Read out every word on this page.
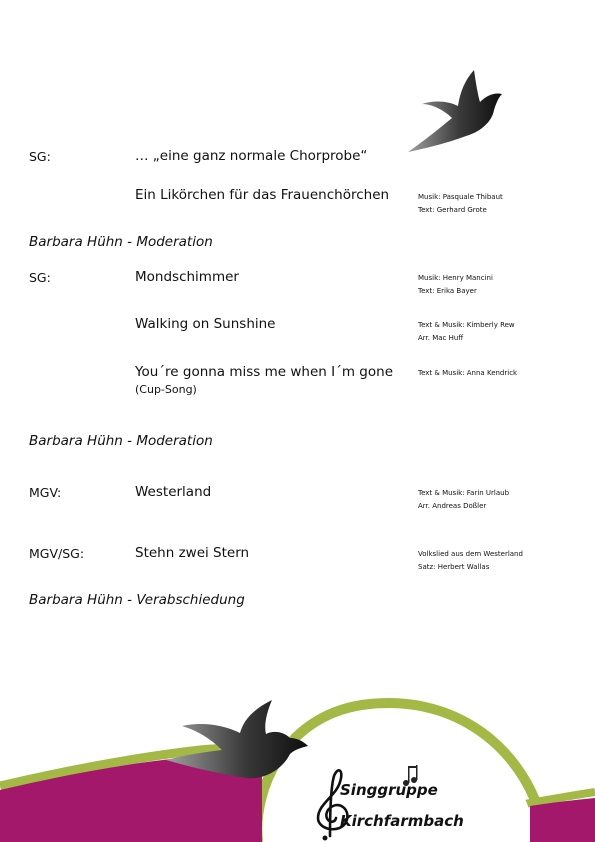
Singgruppe
Kirchfarmbach
SG:	… „eine ganz normale Chorprobe“
Ein Likörchen für das Frauenchörchen	Musik: Pasquale Thibaut
Text: Gerhard Grote
Barbara Hühn - Moderation
SG:	Mondschimmer	Musik: Henry Mancini
Text: Erika Bayer
Walking on Sunshine	Text & Musik: Kimberly Rew
Arr. Mac Huff
You´re gonna miss me when I´m gone
(Cup-Song)
Text & Musik: Anna Kendrick
Barbara Hühn - Moderation
MGV:	Westerland	Text & Musik: Farin Urlaub
Arr. Andreas Doßler
MGV/SG:	Stehn zwei Stern	Volkslied aus dem Westerland
Satz: Herbert Wallas
Barbara Hühn - Verabschiedung
